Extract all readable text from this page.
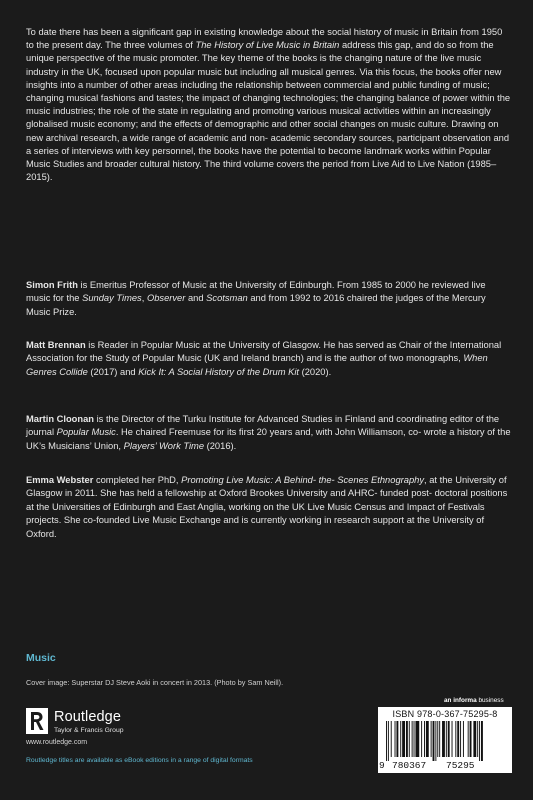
To date there has been a significant gap in existing knowledge about the social history of music in Britain from 1950 to the present day. The three volumes of The History of Live Music in Britain address this gap, and do so from the unique perspective of the music promoter. The key theme of the books is the changing nature of the live music industry in the UK, focused upon popular music but including all musical genres. Via this focus, the books offer new insights into a number of other areas including the relationship between commercial and public funding of music; changing musical fashions and tastes; the impact of changing technologies; the changing balance of power within the music industries; the role of the state in regulating and promoting various musical activities within an increasingly globalised music economy; and the effects of demographic and other social changes on music culture. Drawing on new archival research, a wide range of academic and non- academic secondary sources, participant observation and a series of interviews with key personnel, the books have the potential to become landmark works within Popular Music Studies and broader cultural history. The third volume covers the period from Live Aid to Live Nation (1985–2015).

Simon Frith is Emeritus Professor of Music at the University of Edinburgh. From 1985 to 2000 he reviewed live music for the Sunday Times, Observer and Scotsman and from 1992 to 2016 chaired the judges of the Mercury Music Prize.

Matt Brennan is Reader in Popular Music at the University of Glasgow. He has served as Chair of the International Association for the Study of Popular Music (UK and Ireland branch) and is the author of two monographs, When Genres Collide (2017) and Kick It: A Social History of the Drum Kit (2020).

Martin Cloonan is the Director of the Turku Institute for Advanced Studies in Finland and coordinating editor of the journal Popular Music. He chaired Freemuse for its first 20 years and, with John Williamson, co- wrote a history of the UK’s Musicians’ Union, Players’ Work Time (2016).

Emma Webster completed her PhD, Promoting Live Music: A Behind- the- Scenes Ethnography, at the University of Glasgow in 2011. She has held a fellowship at Oxford Brookes University and AHRC- funded post- doctoral positions at the Universities of Edinburgh and East Anglia, working on the UK Live Music Census and Impact of Festivals projects. She co-founded Live Music Exchange and is currently working in research support at the University of Oxford.

Music
Cover image: Superstar DJ Steve Aoki in concert in 2013. (Photo by Sam Neill).
Routledge
Taylor & Francis Group
www.routledge.com
Routledge titles are available as eBook editions in a range of digital formats
an informa business
ISBN 978-0-367-75295-8
9 780367 75295
